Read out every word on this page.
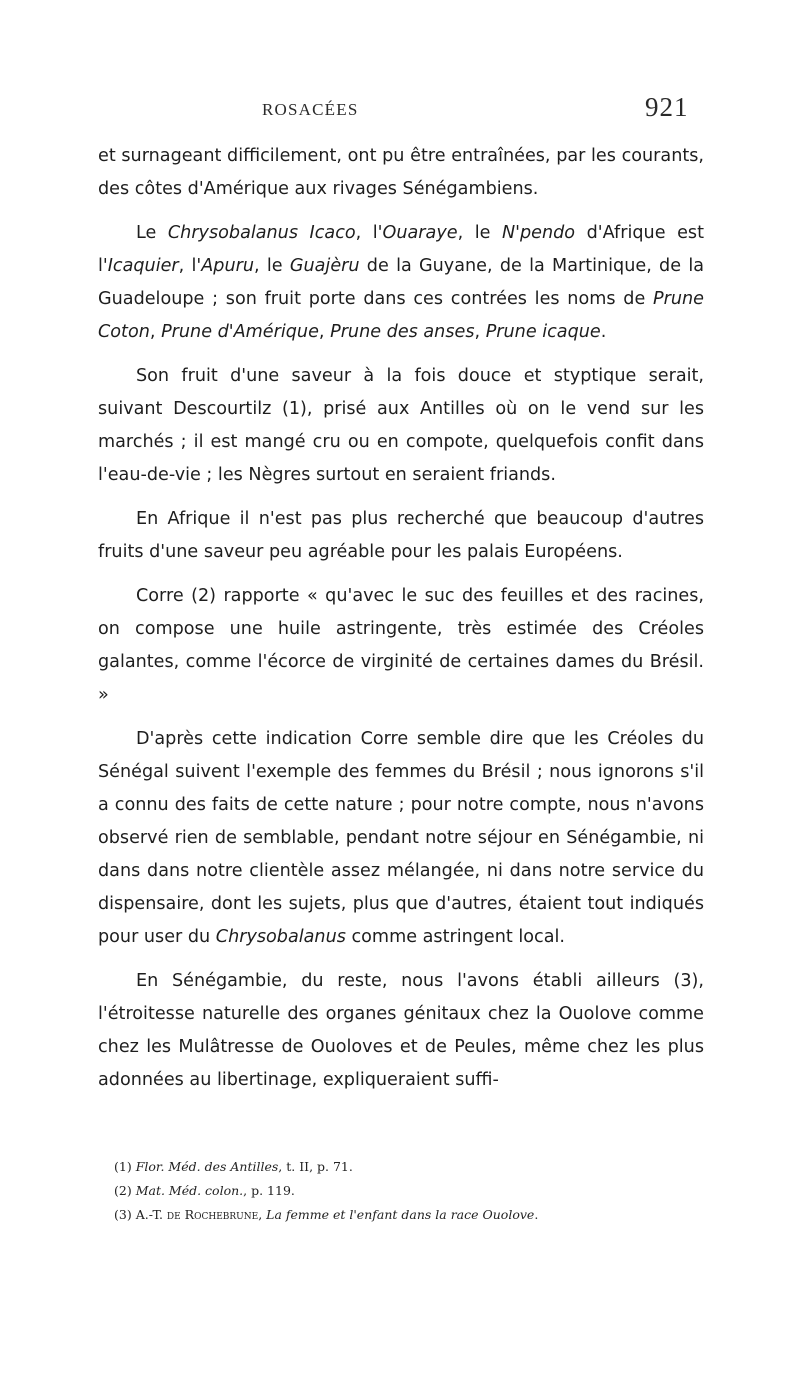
ROSACÉES	921

et surnageant difficilement, ont pu être entraînées, par les courants, des côtes d'Amérique aux rivages Sénégambiens.

Le Chrysobalanus Icaco, l'Ouaraye, le N'pendo d'Afrique est l'Icaquier, l'Apuru, le Guajèru de la Guyane, de la Martinique, de la Guadeloupe ; son fruit porte dans ces contrées les noms de Prune Coton, Prune d'Amérique, Prune des anses, Prune icaque.

Son fruit d'une saveur à la fois douce et styptique serait, suivant Descourtilz (1), prisé aux Antilles où on le vend sur les marchés ; il est mangé cru ou en compote, quelquefois confit dans l'eau-de-vie ; les Nègres surtout en seraient friands.

En Afrique il n'est pas plus recherché que beaucoup d'autres fruits d'une saveur peu agréable pour les palais Européens.

Corre (2) rapporte « qu'avec le suc des feuilles et des racines, on compose une huile astringente, très estimée des Créoles galantes, comme l'écorce de virginité de certaines dames du Brésil. »

D'après cette indication Corre semble dire que les Créoles du Sénégal suivent l'exemple des femmes du Brésil ; nous ignorons s'il a connu des faits de cette nature ; pour notre compte, nous n'avons observé rien de semblable, pendant notre séjour en Sénégambie, ni dans dans notre clientèle assez mélangée, ni dans notre service du dispensaire, dont les sujets, plus que d'autres, étaient tout indiqués pour user du Chrysobalanus comme astringent local.

En Sénégambie, du reste, nous l'avons établi ailleurs (3), l'étroitesse naturelle des organes génitaux chez la Ouolove comme chez les Mulâtresse de Ouoloves et de Peules, même chez les plus adonnées au libertinage, expliqueraient suffi-

(1) Flor. Méd. des Antilles, t. II, p. 71.
(2) Mat. Méd. colon., p. 119.
(3) A.-T. de Rochebrune, La femme et l'enfant dans la race Ouolove.
